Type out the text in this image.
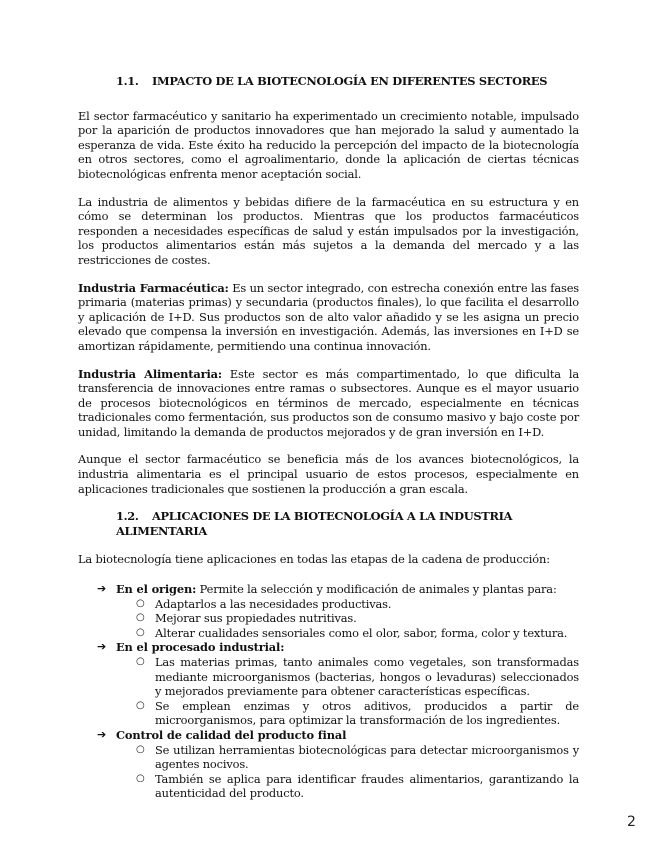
1.1. IMPACTO DE LA BIOTECNOLOGÍA EN DIFERENTES SECTORES

El sector farmacéutico y sanitario ha experimentado un crecimiento notable, impulsado por la aparición de productos innovadores que han mejorado la salud y aumentado la esperanza de vida. Este éxito ha reducido la percepción del impacto de la biotecnología en otros sectores, como el agroalimentario, donde la aplicación de ciertas técnicas biotecnológicas enfrenta menor aceptación social.

La industria de alimentos y bebidas difiere de la farmacéutica en su estructura y en cómo se determinan los productos. Mientras que los productos farmacéuticos responden a necesidades específicas de salud y están impulsados por la investigación, los productos alimentarios están más sujetos a la demanda del mercado y a las restricciones de costes.

Industria Farmacéutica: Es un sector integrado, con estrecha conexión entre las fases primaria (materias primas) y secundaria (productos finales), lo que facilita el desarrollo y aplicación de I+D. Sus productos son de alto valor añadido y se les asigna un precio elevado que compensa la inversión en investigación. Además, las inversiones en I+D se amortizan rápidamente, permitiendo una continua innovación.

Industria Alimentaria: Este sector es más compartimentado, lo que dificulta la transferencia de innovaciones entre ramas o subsectores. Aunque es el mayor usuario de procesos biotecnológicos en términos de mercado, especialmente en técnicas tradicionales como fermentación, sus productos son de consumo masivo y bajo coste por unidad, limitando la demanda de productos mejorados y de gran inversión en I+D.

Aunque el sector farmacéutico se beneficia más de los avances biotecnológicos, la industria alimentaria es el principal usuario de estos procesos, especialmente en aplicaciones tradicionales que sostienen la producción a gran escala.

1.2. APLICACIONES DE LA BIOTECNOLOGÍA A LA INDUSTRIA ALIMENTARIA

La biotecnología tiene aplicaciones en todas las etapas de la cadena de producción:

➔ En el origen: Permite la selección y modificación de animales y plantas para:
○ Adaptarlos a las necesidades productivas.
○ Mejorar sus propiedades nutritivas.
○ Alterar cualidades sensoriales como el olor, sabor, forma, color y textura.
➔ En el procesado industrial:
○ Las materias primas, tanto animales como vegetales, son transformadas mediante microorganismos (bacterias, hongos o levaduras) seleccionados y mejorados previamente para obtener características específicas.
○ Se emplean enzimas y otros aditivos, producidos a partir de microorganismos, para optimizar la transformación de los ingredientes.
➔ Control de calidad del producto final
○ Se utilizan herramientas biotecnológicas para detectar microorganismos y agentes nocivos.
○ También se aplica para identificar fraudes alimentarios, garantizando la autenticidad del producto.
2
